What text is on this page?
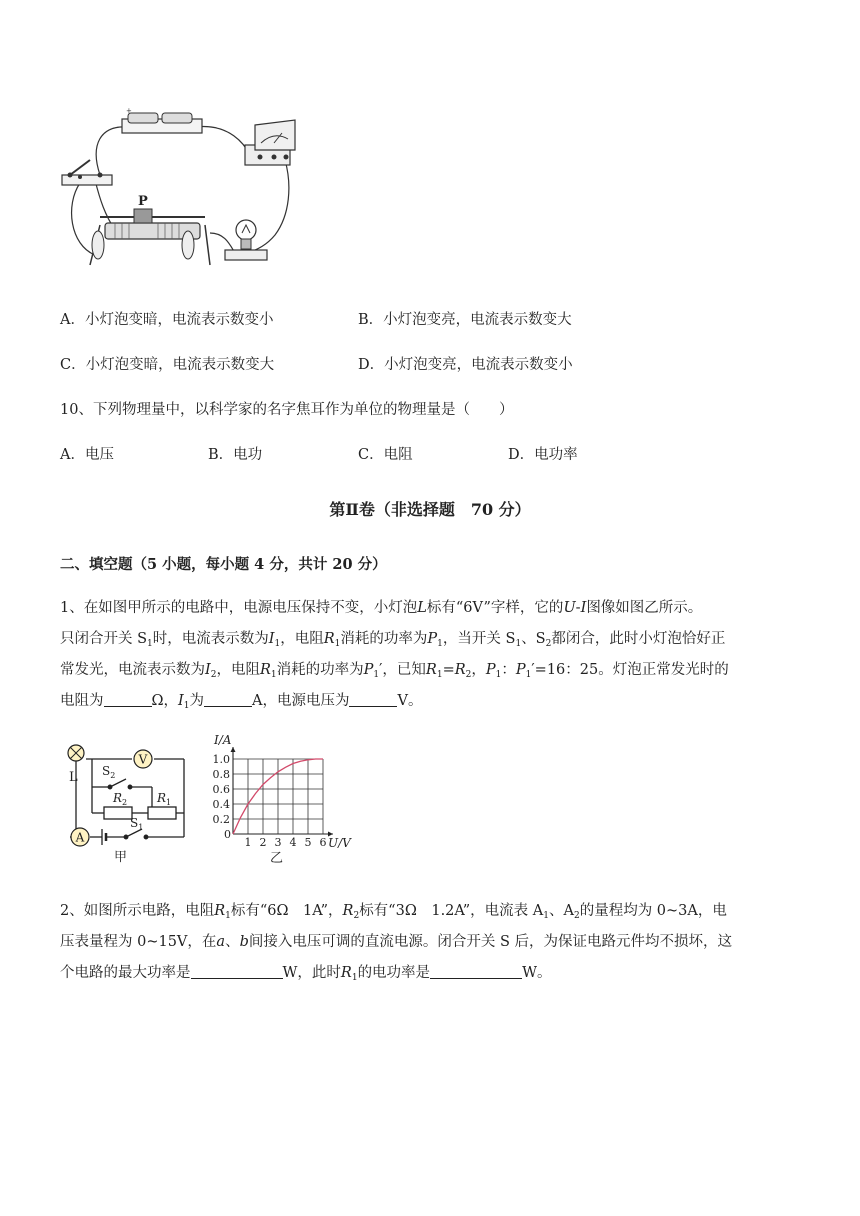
+
P
A．小灯泡变暗，电流表示数变小	B．小灯泡变亮，电流表示数变大
C．小灯泡变暗，电流表示数变大	D．小灯泡变亮，电流表示数变小
10、下列物理量中，以科学家的名字焦耳作为单位的物理量是（　　）
A．电压	B．电功	C．电阻	D．电功率
第Ⅱ卷（非选择题　70 分）
二、填空题（5 小题，每小题 4 分，共计 20 分）
1、在如图甲所示的电路中，电源电压保持不变，小灯泡L标有“6V”字样，它的U-I图像如图乙所示。
只闭合开关 $S_1$时，电流表示数为$I_1$，电阻$R_1$消耗的功率为$P_1$，当开关 $S_1$、$S_2$都闭合，此时小灯泡恰好正
常发光，电流表示数为$I_2$，电阻$R_1$消耗的功率为$P_1'$，已知$R_1=R_2$，$P_1$：$P_1'=16$：25。灯泡正常发光时的
电阻为	Ω，$I_1$为	A，电源电压为	V。
V
A
L $S_2$
$R_2$ $R_1$
$S_1$
甲
1.0
0.8
0.6
0.4
0.2
1 2 3 4 5 6
I/A
U/V
0
乙
2、如图所示电路，电阻$R_1$标有“6Ω　1A”，$R_2$标有“3Ω　1.2A”，电流表 $A_1$、$A_2$的量程均为 0~3A，电
压表量程为 0~15V，在a、b间接入电压可调的直流电源。闭合开关 S 后，为保证电路元件均不损坏，这
个电路的最大功率是	W，此时$R_1$的电功率是	W。
